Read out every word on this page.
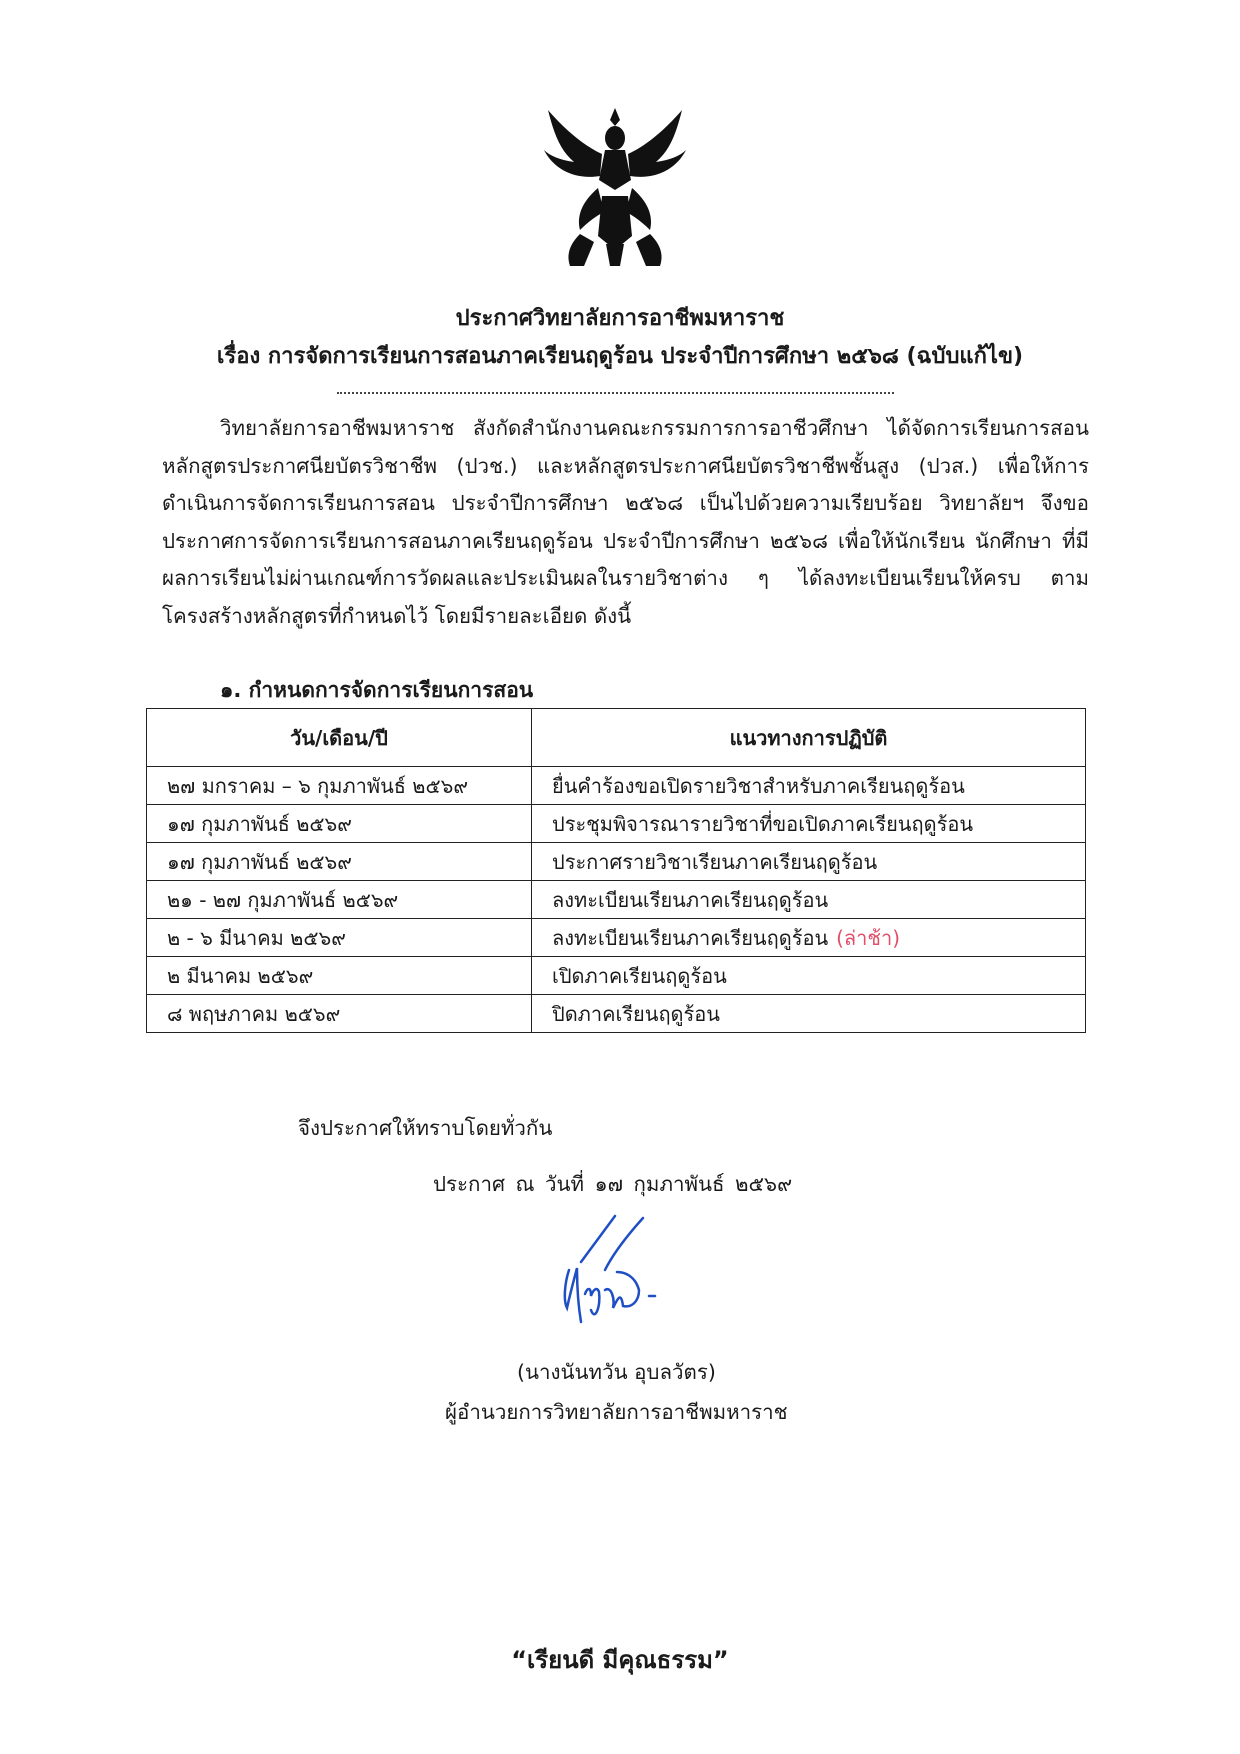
ประกาศวิทยาลัยการอาชีพมหาราช
เรื่อง การจัดการเรียนการสอนภาคเรียนฤดูร้อน ประจำปีการศึกษา ๒๕๖๘ (ฉบับแก้ไข)
วิทยาลัยการอาชีพมหาราช สังกัดสำนักงานคณะกรรมการการอาชีวศึกษา ได้จัดการเรียนการสอน หลักสูตรประกาศนียบัตรวิชาชีพ (ปวช.) และหลักสูตรประกาศนียบัตรวิชาชีพชั้นสูง (ปวส.) เพื่อให้การดำเนินการจัดการเรียนการสอน ประจำปีการศึกษา ๒๕๖๘ เป็นไปด้วยความเรียบร้อย วิทยาลัยฯ จึงขอประกาศการจัดการเรียนการสอนภาคเรียนฤดูร้อน ประจำปีการศึกษา ๒๕๖๘ เพื่อให้นักเรียน นักศึกษา ที่มีผลการเรียนไม่ผ่านเกณฑ์การวัดผลและประเมินผลในรายวิชาต่าง ๆ ได้ลงทะเบียนเรียนให้ครบ ตามโครงสร้างหลักสูตรที่กำหนดไว้ โดยมีรายละเอียด ดังนี้
๑. กำหนดการจัดการเรียนการสอน
วัน/เดือน/ปี	แนวทางการปฏิบัติ
๒๗ มกราคม – ๖ กุมภาพันธ์ ๒๕๖๙	ยื่นคำร้องขอเปิดรายวิชาสำหรับภาคเรียนฤดูร้อน
๑๗ กุมภาพันธ์ ๒๕๖๙	ประชุมพิจารณารายวิชาที่ขอเปิดภาคเรียนฤดูร้อน
๑๗ กุมภาพันธ์ ๒๕๖๙	ประกาศรายวิชาเรียนภาคเรียนฤดูร้อน
๒๑ - ๒๗ กุมภาพันธ์ ๒๕๖๙	ลงทะเบียนเรียนภาคเรียนฤดูร้อน
๒ - ๖ มีนาคม ๒๕๖๙	ลงทะเบียนเรียนภาคเรียนฤดูร้อน (ล่าช้า)
๒ มีนาคม ๒๕๖๙	เปิดภาคเรียนฤดูร้อน
๘ พฤษภาคม ๒๕๖๙	ปิดภาคเรียนฤดูร้อน
จึงประกาศให้ทราบโดยทั่วกัน
ประกาศ ณ วันที่ ๑๗ กุมภาพันธ์ ๒๕๖๙
(นางนันทวัน อุบลวัตร)
ผู้อำนวยการวิทยาลัยการอาชีพมหาราช
“เรียนดี มีคุณธรรม”
